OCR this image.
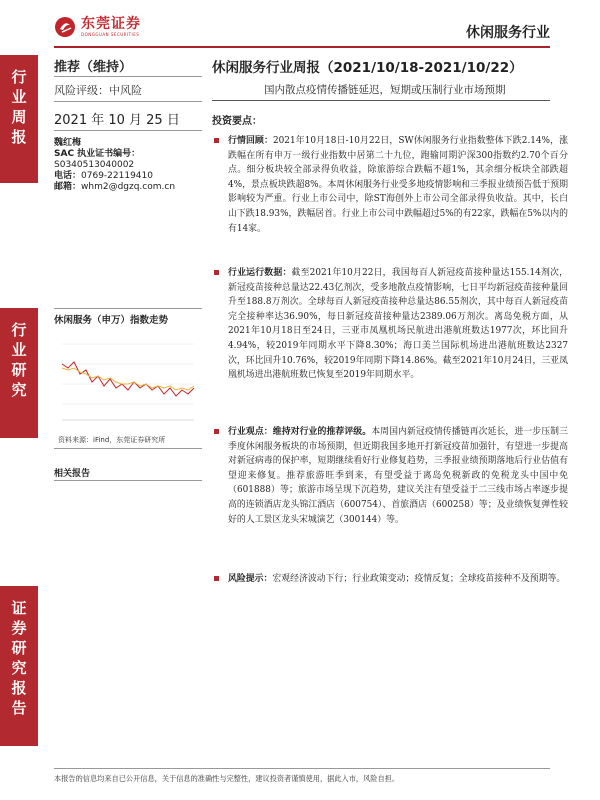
东莞证券
DONGGUAN SECURITIES	休闲服务行业
行
业
周
报
行
业
研
究
证
券
研
究
报
告
推荐（维持）
风险评级：中风险
2021 年 10 月 25 日
魏红梅
SAC 执业证书编号：
S0340513040002
电话：0769-22119410
邮箱：whm2@dgzq.com.cn
休闲服务（申万）指数走势
资料来源：iFind，东莞证券研究所
相关报告
休闲服务行业周报（2021/10/18-2021/10/22）
国内散点疫情传播链延迟，短期或压制行业市场预期
投资要点：
行情回顾：2021年10月18日-10月22日，SW休闲服务行业指数整体下跌2.14%，涨跌幅在所有申万一级行业指数中居第二十九位，跑输同期沪深300指数约2.70个百分点。细分板块较全部录得负收益，除旅游综合跌幅不超1%，其余细分板块全部跌超4%，景点板块跌超8%。本周休闲服务行业受多地疫情影响和三季报业绩预告低于预期影响较为严重。行业上市公司中，除ST海创外上市公司全部录得负收益。其中，长白山下跌18.93%，跌幅居首。行业上市公司中跌幅超过5%的有22家，跌幅在5%以内的有14家。
行业运行数据：截至2021年10月22日，我国每百人新冠疫苗接种量达155.14剂次，新冠疫苗接种总量达22.43亿剂次，受多地散点疫情影响，七日平均新冠疫苗接种量回升至188.8万剂次。全球每百人新冠疫苗接种总量达86.55剂次，其中每百人新冠疫苗完全接种率达36.90%，每日新冠疫苗接种量达2389.06万剂次。离岛免税方面，从2021年10月18日至24日，三亚市凤凰机场民航进出港航班数达1977次，环比回升4.94%，较2019年同期水平下降8.30%；海口美兰国际机场进出港航班数达2327次，环比回升10.76%，较2019年同期下降14.86%。截至2021年10月24日，三亚凤凰机场进出港航班数已恢复至2019年同期水平。
行业观点：维持对行业的推荐评级。本周国内新冠疫情传播链再次延长，进一步压制三季度休闲服务板块的市场预期，但近期我国多地开打新冠疫苗加强针，有望进一步提高对新冠病毒的保护率，短期继续看好行业修复趋势，三季报业绩预期落地后行业估值有望迎来修复。推荐旅游旺季到来，有望受益于离岛免税新政的免税龙头中国中免（601888）等；旅游市场呈现下沉趋势，建议关注有望受益于二三线市场占率逐步提高的连锁酒店龙头锦江酒店（600754）、首旅酒店（600258）等；及业绩恢复弹性较好的人工景区龙头宋城演艺（300144）等。
风险提示：宏观经济波动下行；行业政策变动；疫情反复；全球疫苗接种不及预期等。
本报告的信息均来自已公开信息，关于信息的准确性与完整性，建议投资者谨慎使用，据此入市，风险自担。
